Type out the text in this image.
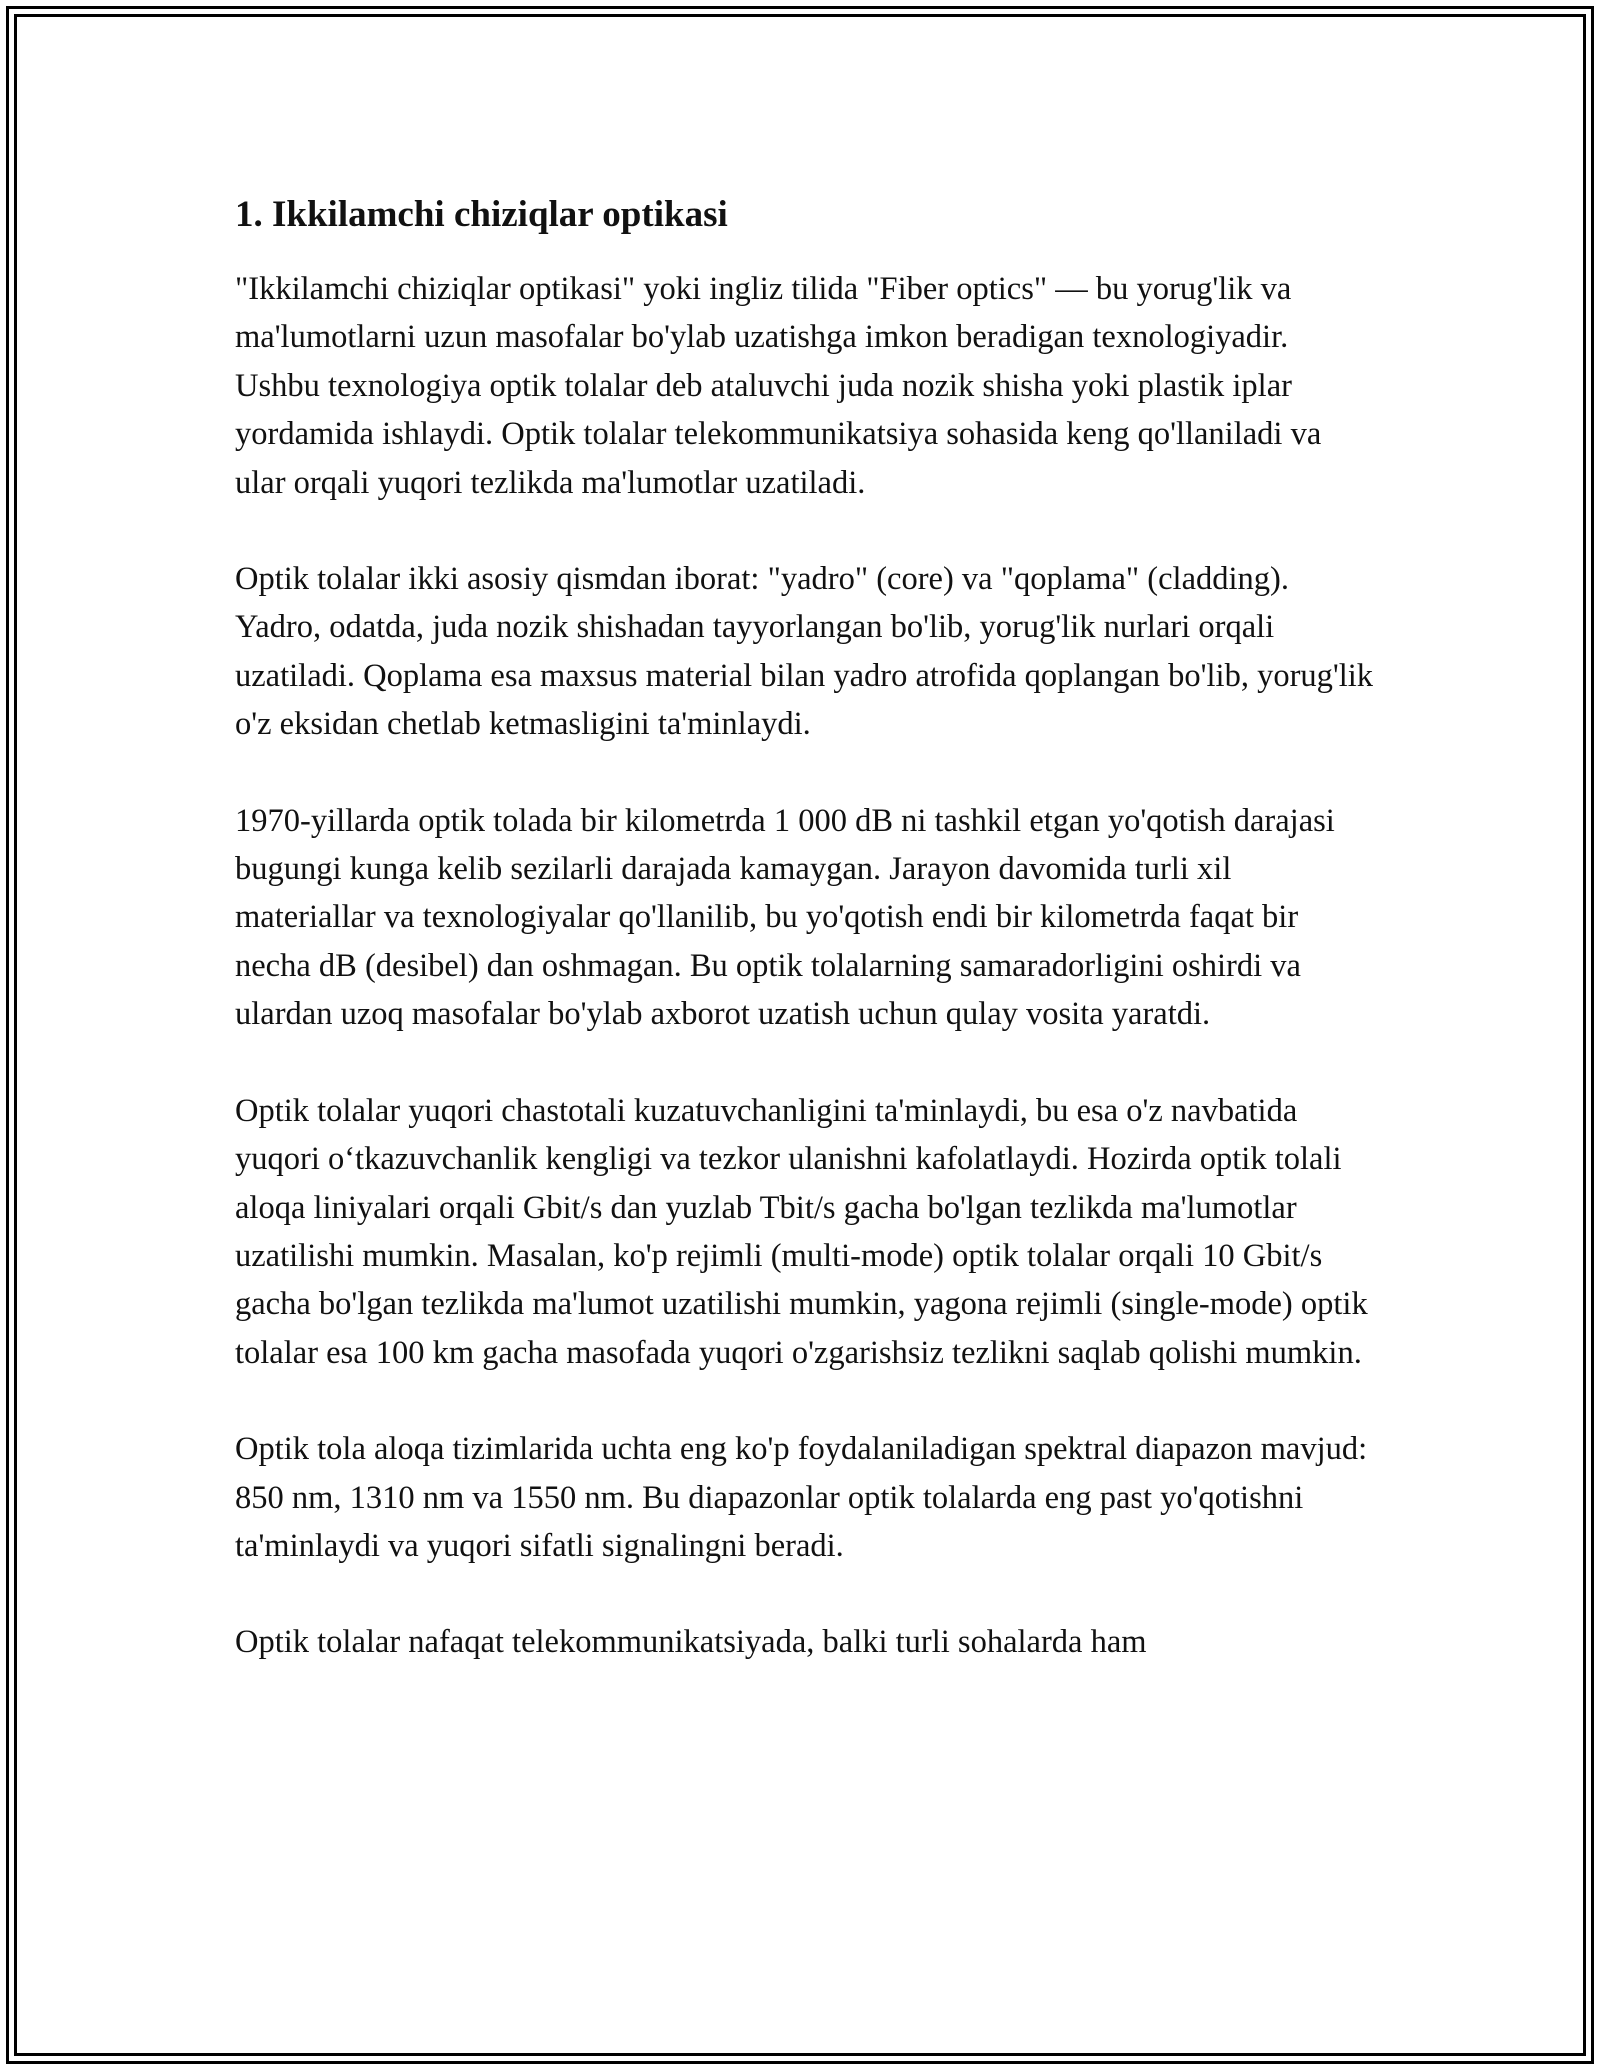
1. Ikkilamchi chiziqlar optikasi

"Ikkilamchi chiziqlar optikasi" yoki ingliz tilida "Fiber optics" — bu yorug'lik va ma'lumotlarni uzun masofalar bo'ylab uzatishga imkon beradigan texnologiyadir. Ushbu texnologiya optik tolalar deb ataluvchi juda nozik shisha yoki plastik iplar yordamida ishlaydi. Optik tolalar telekommunikatsiya sohasida keng qo'llaniladi va ular orqali yuqori tezlikda ma'lumotlar uzatiladi.

Optik tolalar ikki asosiy qismdan iborat: "yadro" (core) va "qoplama" (cladding). Yadro, odatda, juda nozik shishadan tayyorlangan bo'lib, yorug'lik nurlari orqali uzatiladi. Qoplama esa maxsus material bilan yadro atrofida qoplangan bo'lib, yorug'lik o'z eksidan chetlab ketmasligini ta'minlaydi.

1970-yillarda optik tolada bir kilometrda 1 000 dB ni tashkil etgan yo'qotish darajasi bugungi kunga kelib sezilarli darajada kamaygan. Jarayon davomida turli xil materiallar va texnologiyalar qo'llanilib, bu yo'qotish endi bir kilometrda faqat bir necha dB (desibel) dan oshmagan. Bu optik tolalarning samaradorligini oshirdi va ulardan uzoq masofalar bo'ylab axborot uzatish uchun qulay vosita yaratdi.

Optik tolalar yuqori chastotali kuzatuvchanligini ta'minlaydi, bu esa o'z navbatida yuqori o‘tkazuvchanlik kengligi va tezkor ulanishni kafolatlaydi. Hozirda optik tolali aloqa liniyalari orqali Gbit/s dan yuzlab Tbit/s gacha bo'lgan tezlikda ma'lumotlar uzatilishi mumkin. Masalan, ko'p rejimli (multi-mode) optik tolalar orqali 10 Gbit/s gacha bo'lgan tezlikda ma'lumot uzatilishi mumkin, yagona rejimli (single-mode) optik tolalar esa 100 km gacha masofada yuqori o'zgarishsiz tezlikni saqlab qolishi mumkin.

Optik tola aloqa tizimlarida uchta eng ko'p foydalaniladigan spektral diapazon mavjud: 850 nm, 1310 nm va 1550 nm. Bu diapazonlar optik tolalarda eng past yo'qotishni ta'minlaydi va yuqori sifatli signalingni beradi.

Optik tolalar nafaqat telekommunikatsiyada, balki turli sohalarda ham
